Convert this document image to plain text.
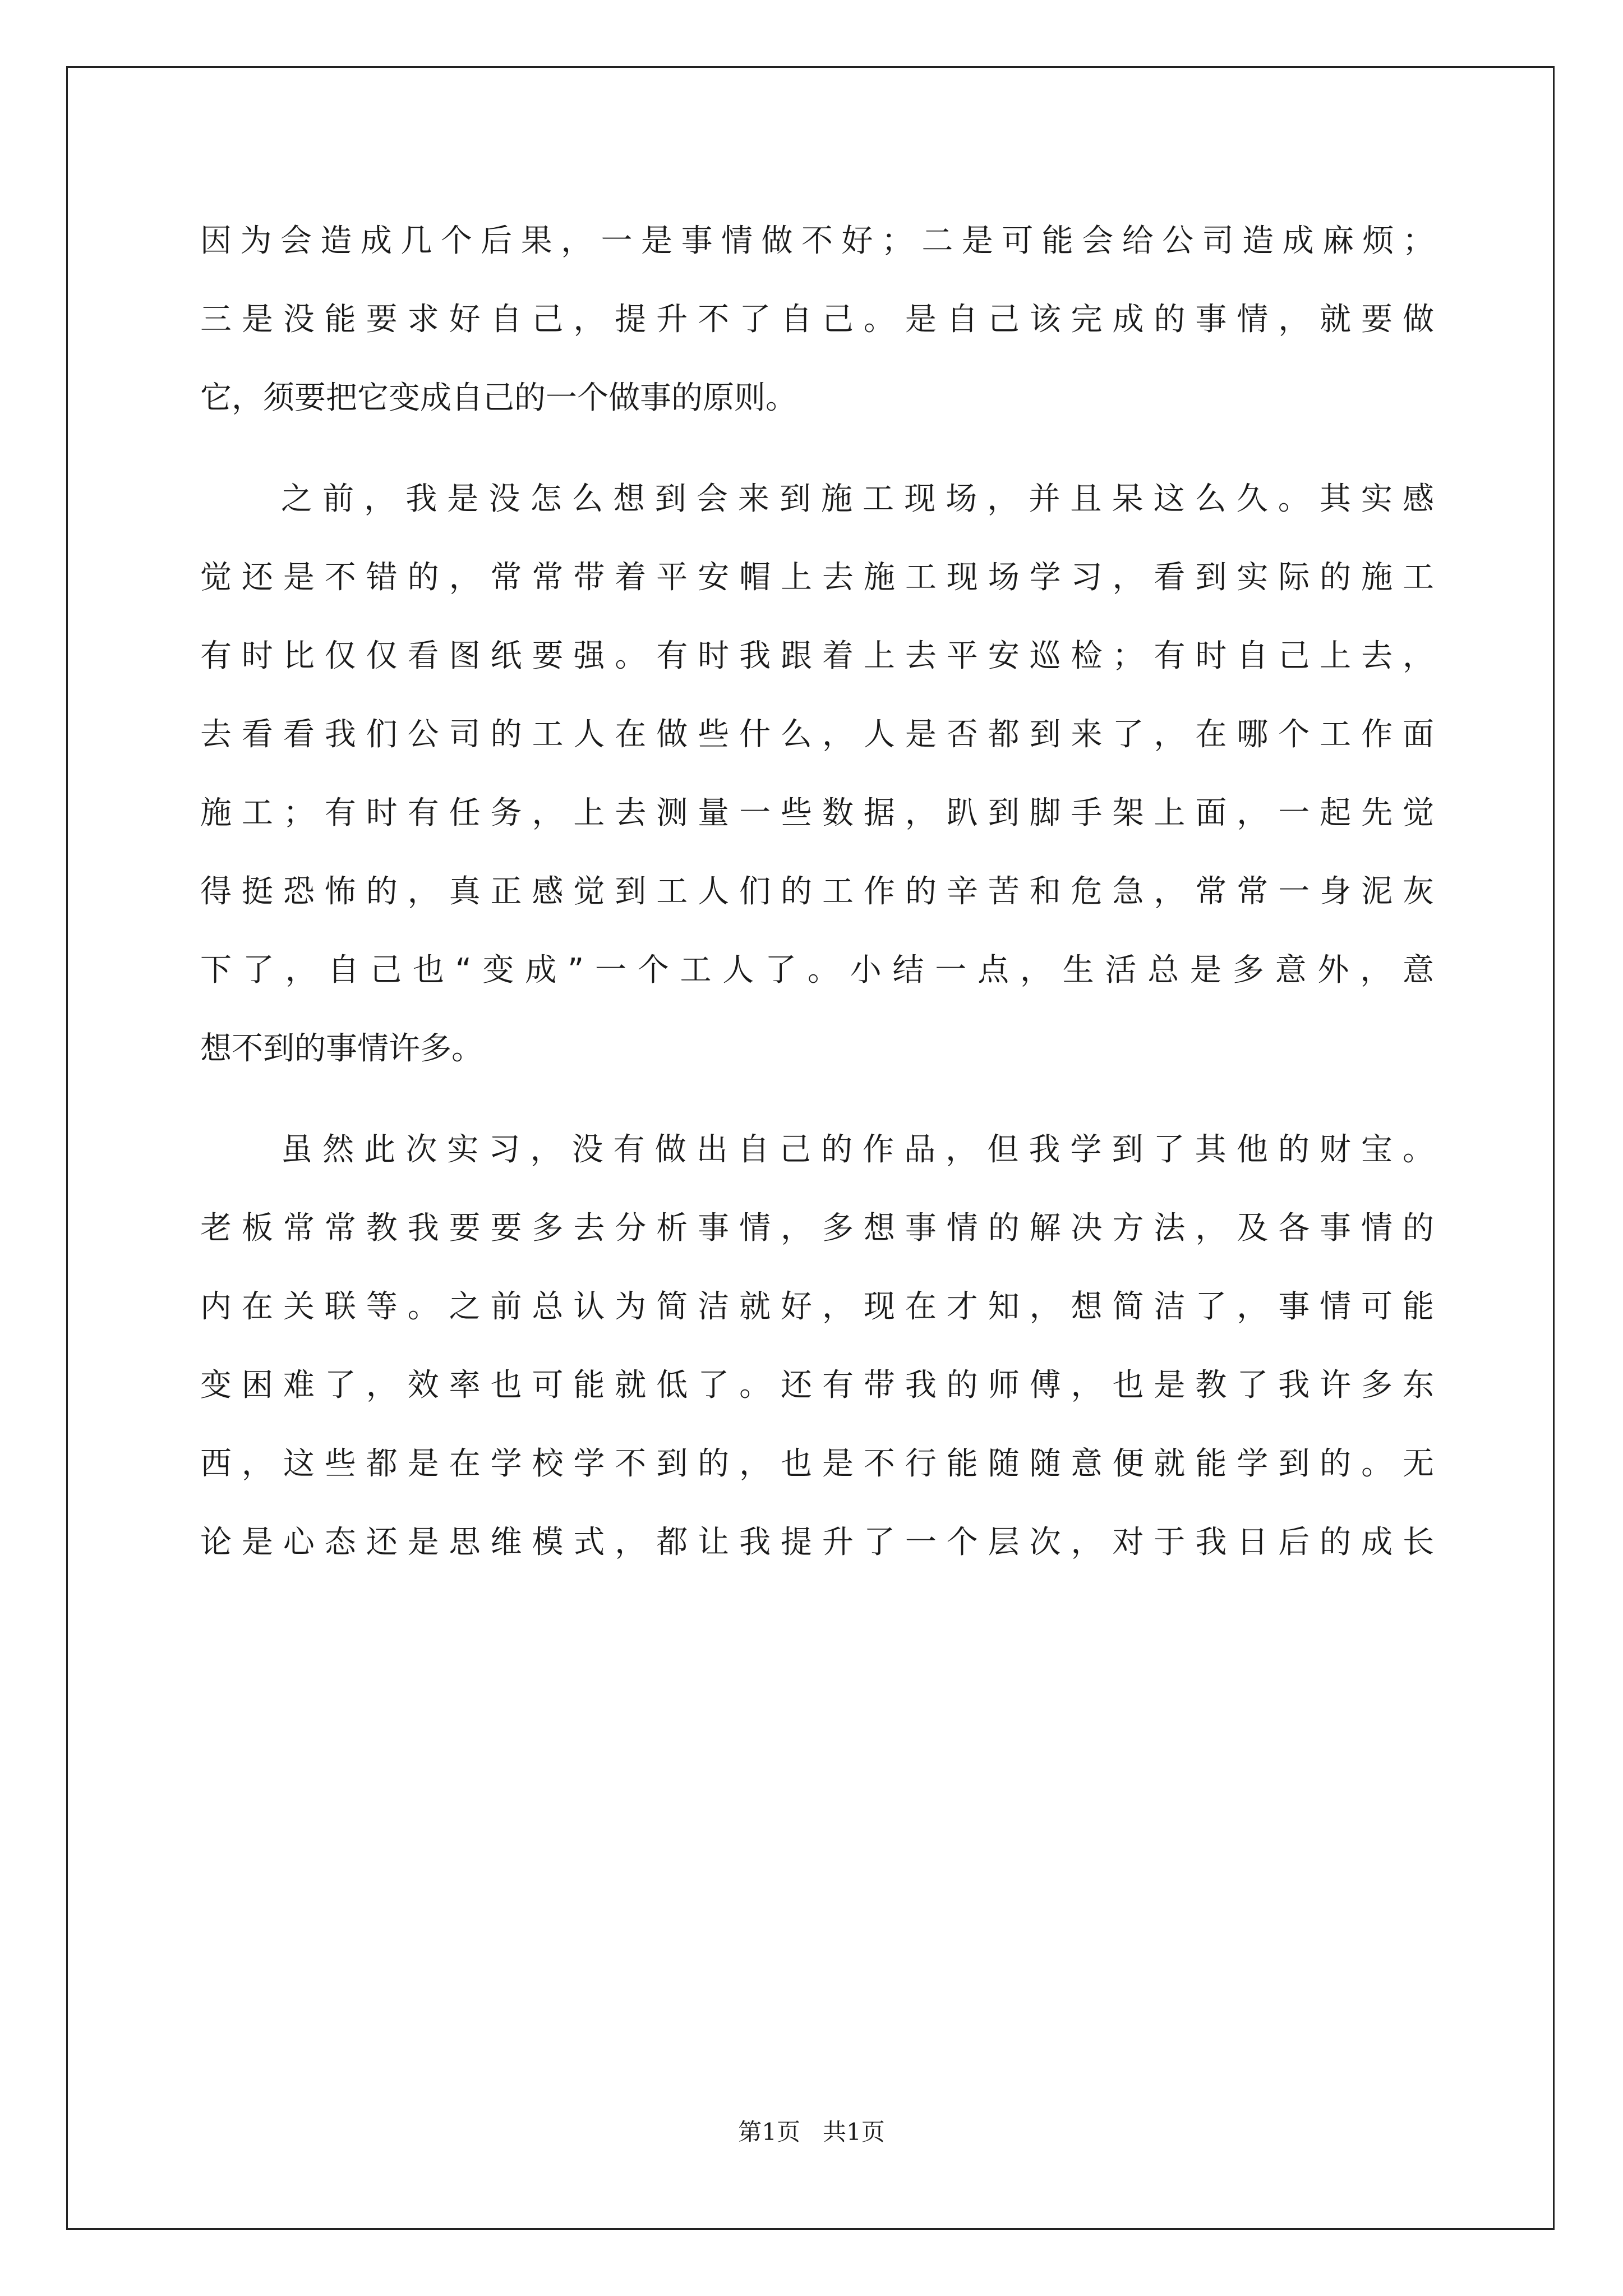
因为会造成几个后果，一是事情做不好；二是可能会给公司造成麻烦；
三是没能要求好自己，提升不了自己。是自己该完成的事情，就要做
它，须要把它变成自己的一个做事的原则。
之前，我是没怎么想到会来到施工现场，并且呆这么久。其实感
觉还是不错的，常常带着平安帽上去施工现场学习，看到实际的施工
有时比仅仅看图纸要强。有时我跟着上去平安巡检；有时自己上去，
去看看我们公司的工人在做些什么，人是否都到来了，在哪个工作面
施工；有时有任务，上去测量一些数据，趴到脚手架上面，一起先觉
得挺恐怖的，真正感觉到工人们的工作的辛苦和危急，常常一身泥灰
下了，自己也“变成”一个工人了。小结一点，生活总是多意外，意
想不到的事情许多。
虽然此次实习，没有做出自己的作品，但我学到了其他的财宝。
老板常常教我要要多去分析事情，多想事情的解决方法，及各事情的
内在关联等。之前总认为简洁就好，现在才知，想简洁了，事情可能
变困难了，效率也可能就低了。还有带我的师傅，也是教了我许多东
西，这些都是在学校学不到的，也是不行能随随意便就能学到的。无
论是心态还是思维模式，都让我提升了一个层次，对于我日后的成长
第1页   共1页
